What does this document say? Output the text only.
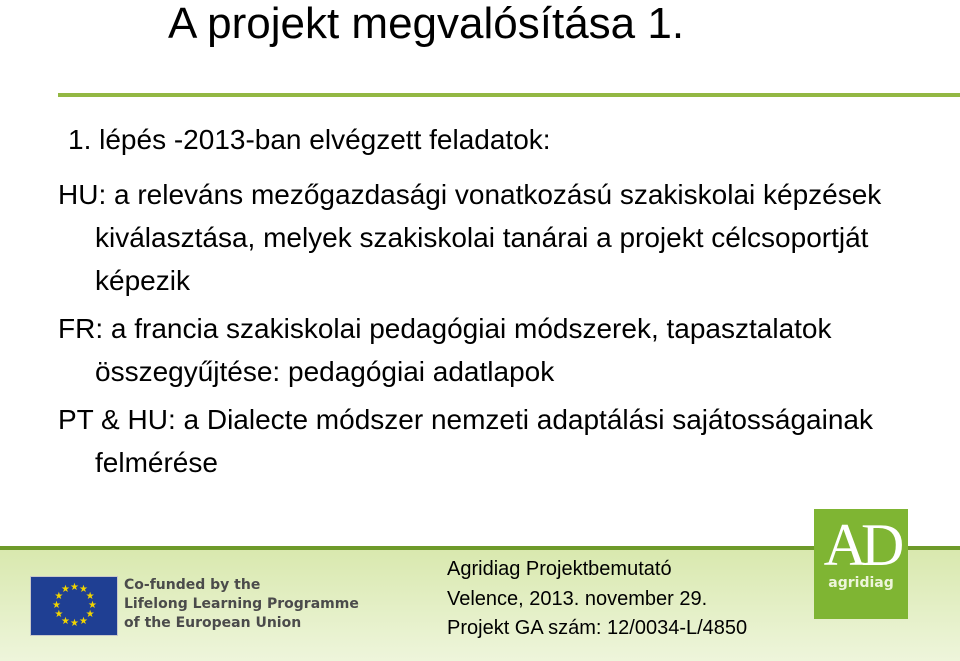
A projekt megvalósítása 1.

1. lépés -2013-ban elvégzett feladatok:

HU: a releváns mezőgazdasági vonatkozású szakiskolai képzések kiválasztása, melyek szakiskolai tanárai a projekt célcsoportját képezik

FR: a francia szakiskolai pedagógiai módszerek, tapasztalatok összegyűjtése: pedagógiai adatlapok

PT & HU: a Dialecte módszer nemzeti adaptálási sajátosságainak felmérése

★ ★
★
★
★
★
★
★
★
★
★
★	Co-funded by the
Lifelong Learning Programme
of the European Union
Agridiag Projektbemutató
Velence, 2013. november 29.
Projekt GA szám: 12/0034-L/4850
AD
agridiag
